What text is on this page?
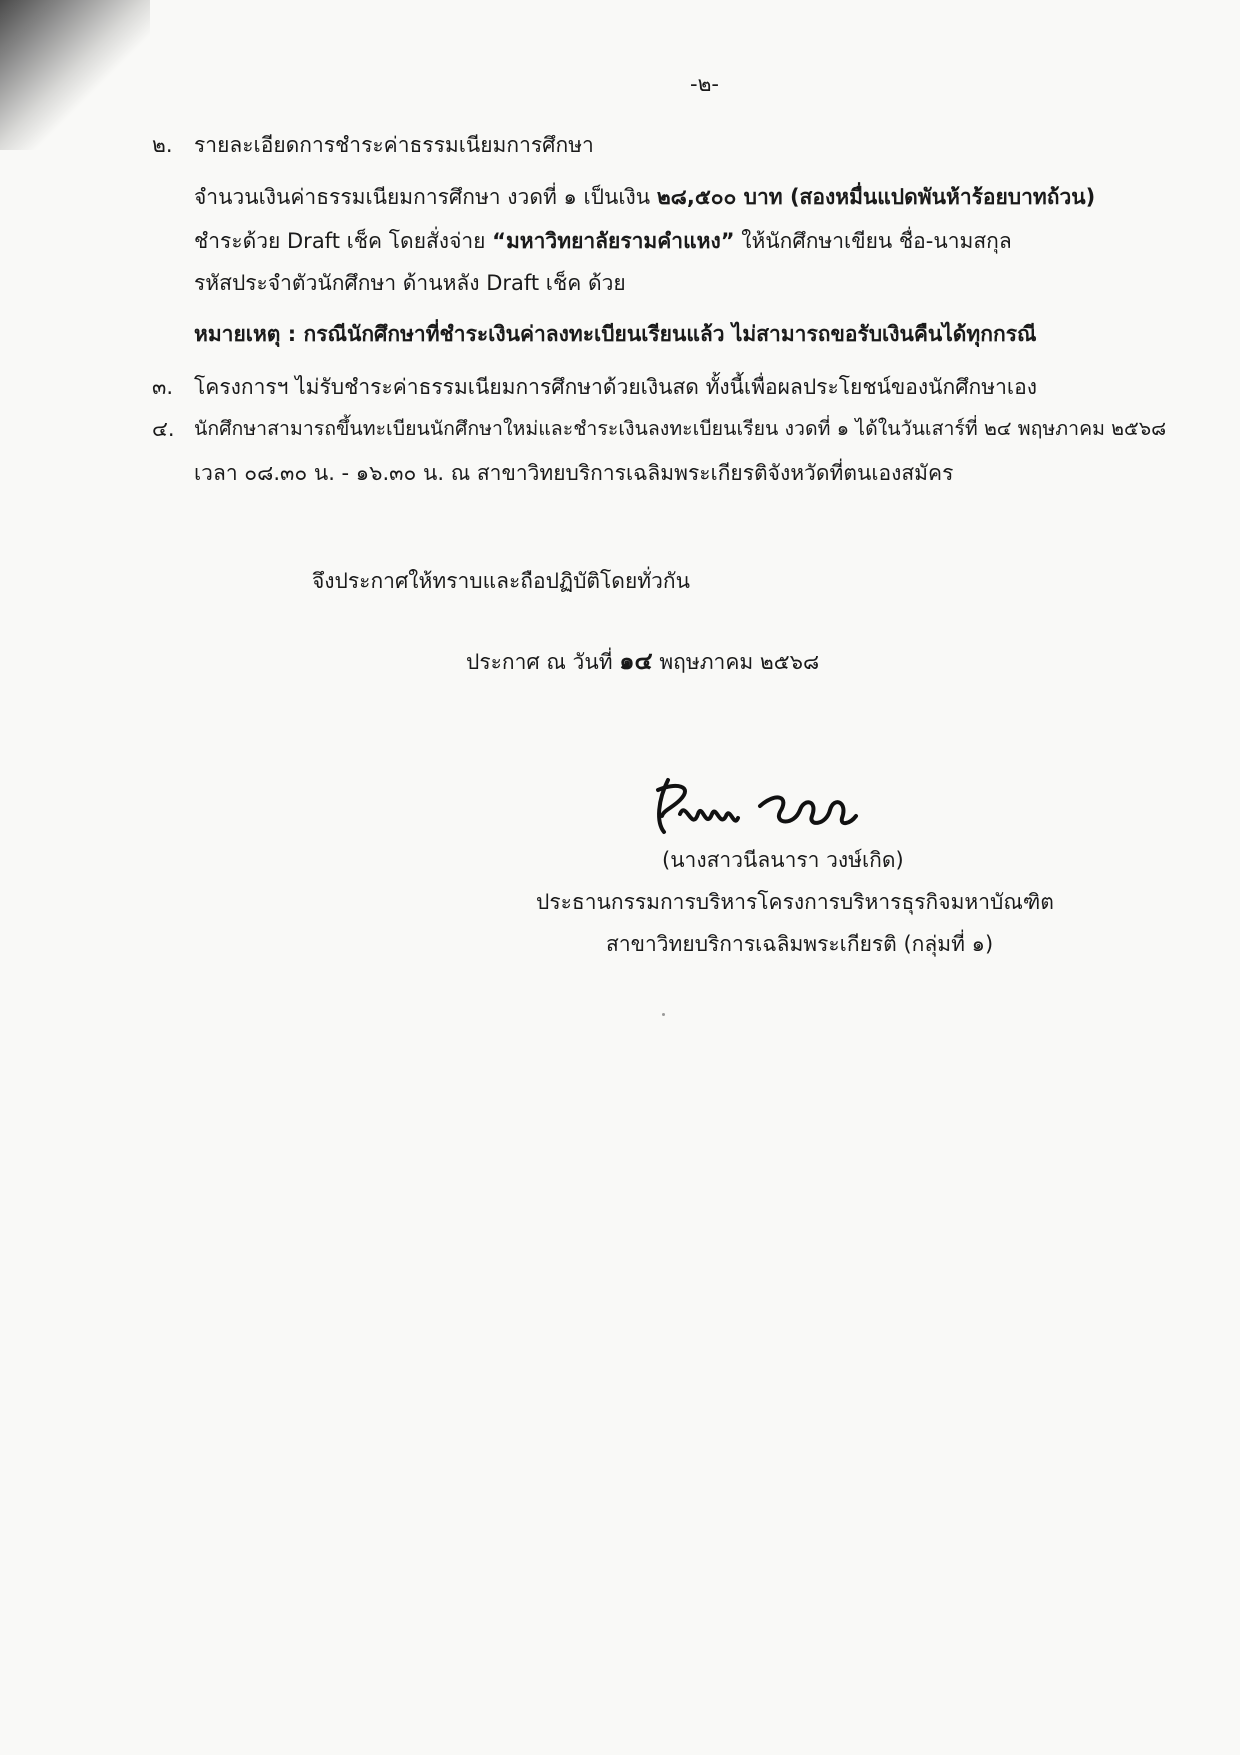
-๒-
๒. รายละเอียดการชำระค่าธรรมเนียมการศึกษา
จำนวนเงินค่าธรรมเนียมการศึกษา งวดที่ ๑ เป็นเงิน ๒๘,๕๐๐ บาท (สองหมื่นแปดพันห้าร้อยบาทถ้วน)
ชำระด้วย Draft เช็ค โดยสั่งจ่าย “มหาวิทยาลัยรามคำแหง” ให้นักศึกษาเขียน ชื่อ-นามสกุล
รหัสประจำตัวนักศึกษา ด้านหลัง Draft เช็ค ด้วย
หมายเหตุ : กรณีนักศึกษาที่ชำระเงินค่าลงทะเบียนเรียนแล้ว ไม่สามารถขอรับเงินคืนได้ทุกกรณี
๓. โครงการฯ ไม่รับชำระค่าธรรมเนียมการศึกษาด้วยเงินสด ทั้งนี้เพื่อผลประโยชน์ของนักศึกษาเอง
๔. นักศึกษาสามารถขึ้นทะเบียนนักศึกษาใหม่และชำระเงินลงทะเบียนเรียน งวดที่ ๑ ได้ในวันเสาร์ที่ ๒๔ พฤษภาคม ๒๕๖๘
เวลา ๐๘.๓๐ น. - ๑๖.๓๐ น. ณ สาขาวิทยบริการเฉลิมพระเกียรติจังหวัดที่ตนเองสมัคร
จึงประกาศให้ทราบและถือปฏิบัติโดยทั่วกัน
ประกาศ ณ วันที่ ๑๔ พฤษภาคม ๒๕๖๘
(นางสาวนีลนารา วงษ์เกิด)
ประธานกรรมการบริหารโครงการบริหารธุรกิจมหาบัณฑิต
สาขาวิทยบริการเฉลิมพระเกียรติ (กลุ่มที่ ๑)
